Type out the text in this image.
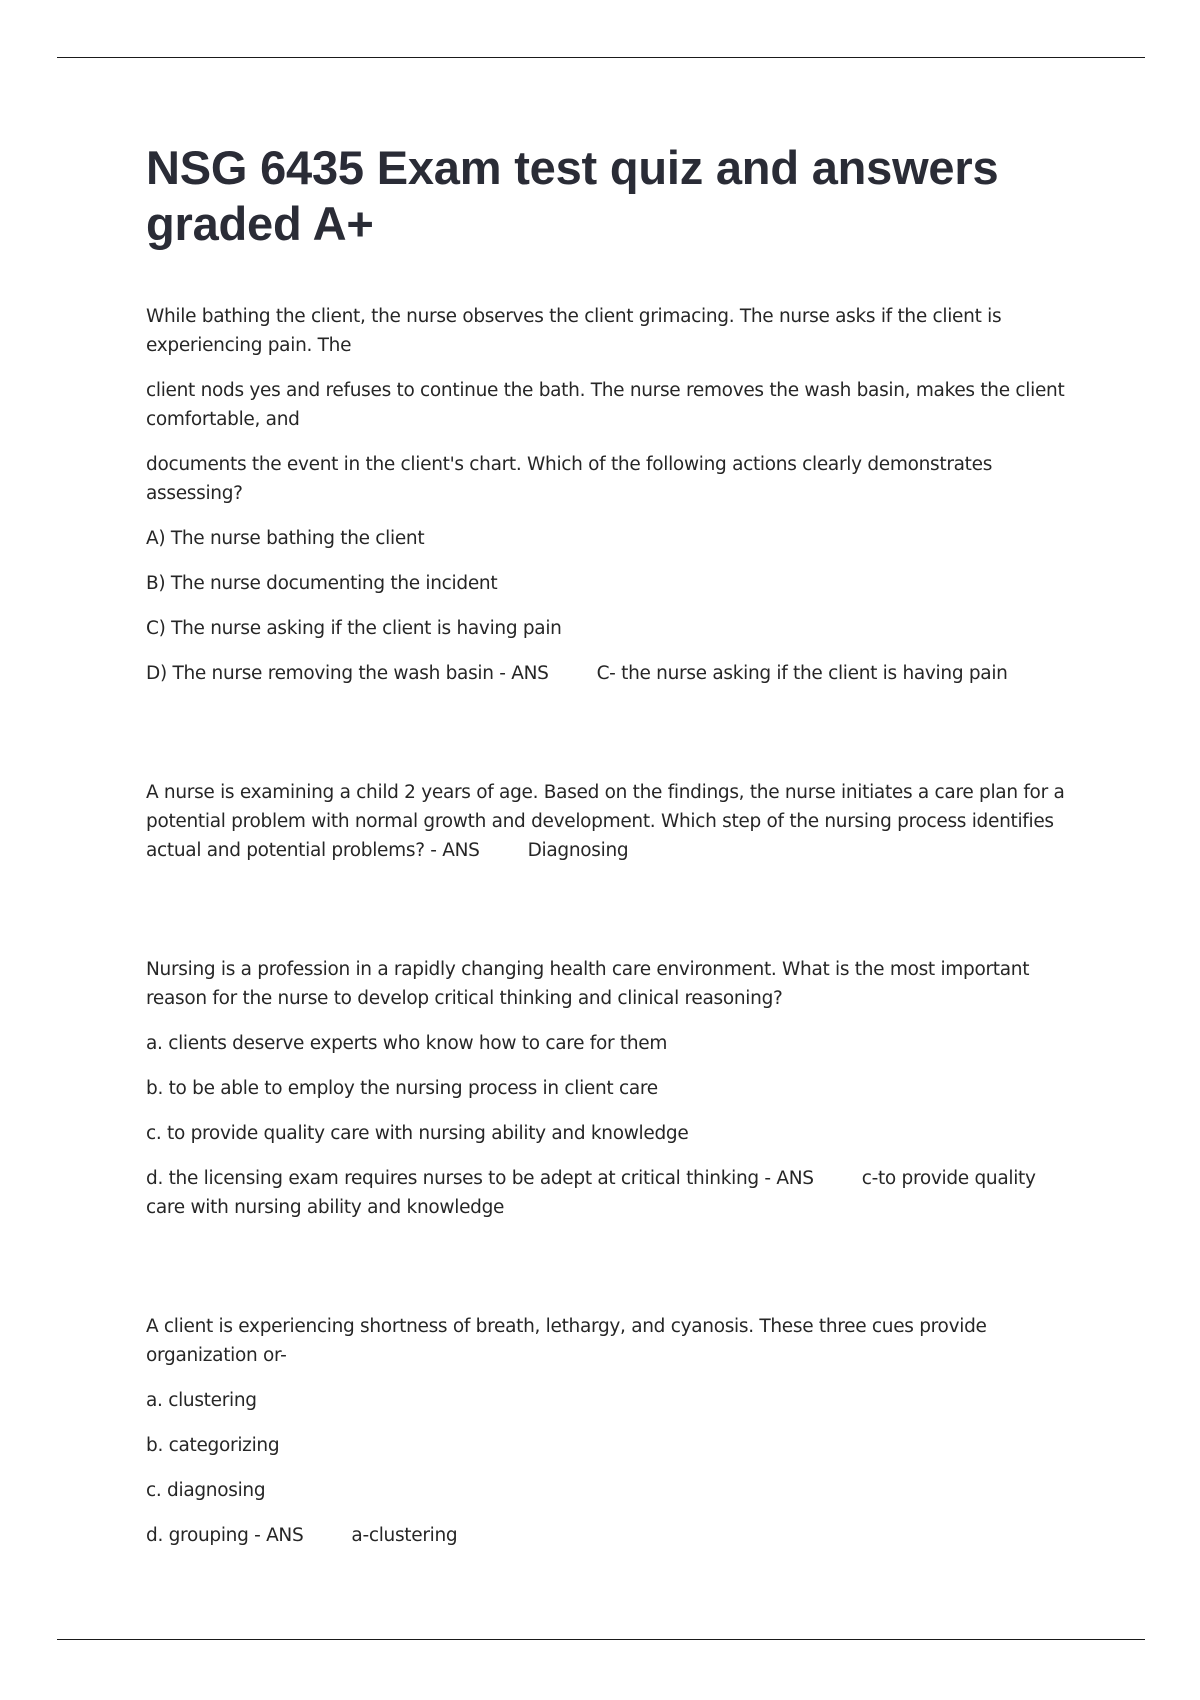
NSG 6435 Exam test quiz and answers graded A+

While bathing the client, the nurse observes the client grimacing. The nurse asks if the client is experiencing pain. The

client nods yes and refuses to continue the bath. The nurse removes the wash basin, makes the client comfortable, and

documents the event in the client's chart. Which of the following actions clearly demonstrates assessing?

A) The nurse bathing the client

B) The nurse documenting the incident

C) The nurse asking if the client is having pain

D) The nurse removing the wash basin - ANS	C- the nurse asking if the client is having pain

A nurse is examining a child 2 years of age. Based on the findings, the nurse initiates a care plan for a potential problem with normal growth and development. Which step of the nursing process identifies actual and potential problems? - ANS	Diagnosing

Nursing is a profession in a rapidly changing health care environment. What is the most important reason for the nurse to develop critical thinking and clinical reasoning?

a. clients deserve experts who know how to care for them

b. to be able to employ the nursing process in client care

c. to provide quality care with nursing ability and knowledge

d. the licensing exam requires nurses to be adept at critical thinking - ANS	c-to provide quality care with nursing ability and knowledge

A client is experiencing shortness of breath, lethargy, and cyanosis. These three cues provide organization or-

a. clustering

b. categorizing

c. diagnosing

d. grouping - ANS	a-clustering
